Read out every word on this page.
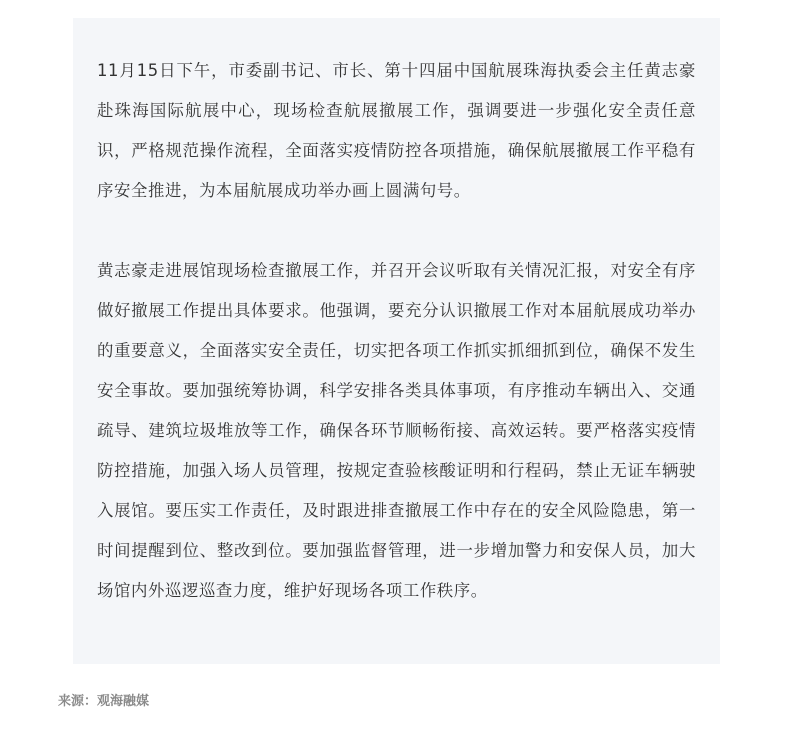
11月15日下午，市委副书记、市长、第十四届中国航展珠海执委会主任黄志豪赴珠海国际航展中心，现场检查航展撤展工作，强调要进一步强化安全责任意识，严格规范操作流程，全面落实疫情防控各项措施，确保航展撤展工作平稳有序安全推进，为本届航展成功举办画上圆满句号。

黄志豪走进展馆现场检查撤展工作，并召开会议听取有关情况汇报，对安全有序做好撤展工作提出具体要求。他强调，要充分认识撤展工作对本届航展成功举办的重要意义，全面落实安全责任，切实把各项工作抓实抓细抓到位，确保不发生安全事故。要加强统筹协调，科学安排各类具体事项，有序推动车辆出入、交通疏导、建筑垃圾堆放等工作，确保各环节顺畅衔接、高效运转。要严格落实疫情防控措施，加强入场人员管理，按规定查验核酸证明和行程码，禁止无证车辆驶入展馆。要压实工作责任，及时跟进排查撤展工作中存在的安全风险隐患，第一时间提醒到位、整改到位。要加强监督管理，进一步增加警力和安保人员，加大场馆内外巡逻巡查力度，维护好现场各项工作秩序。

来源：观海融媒
